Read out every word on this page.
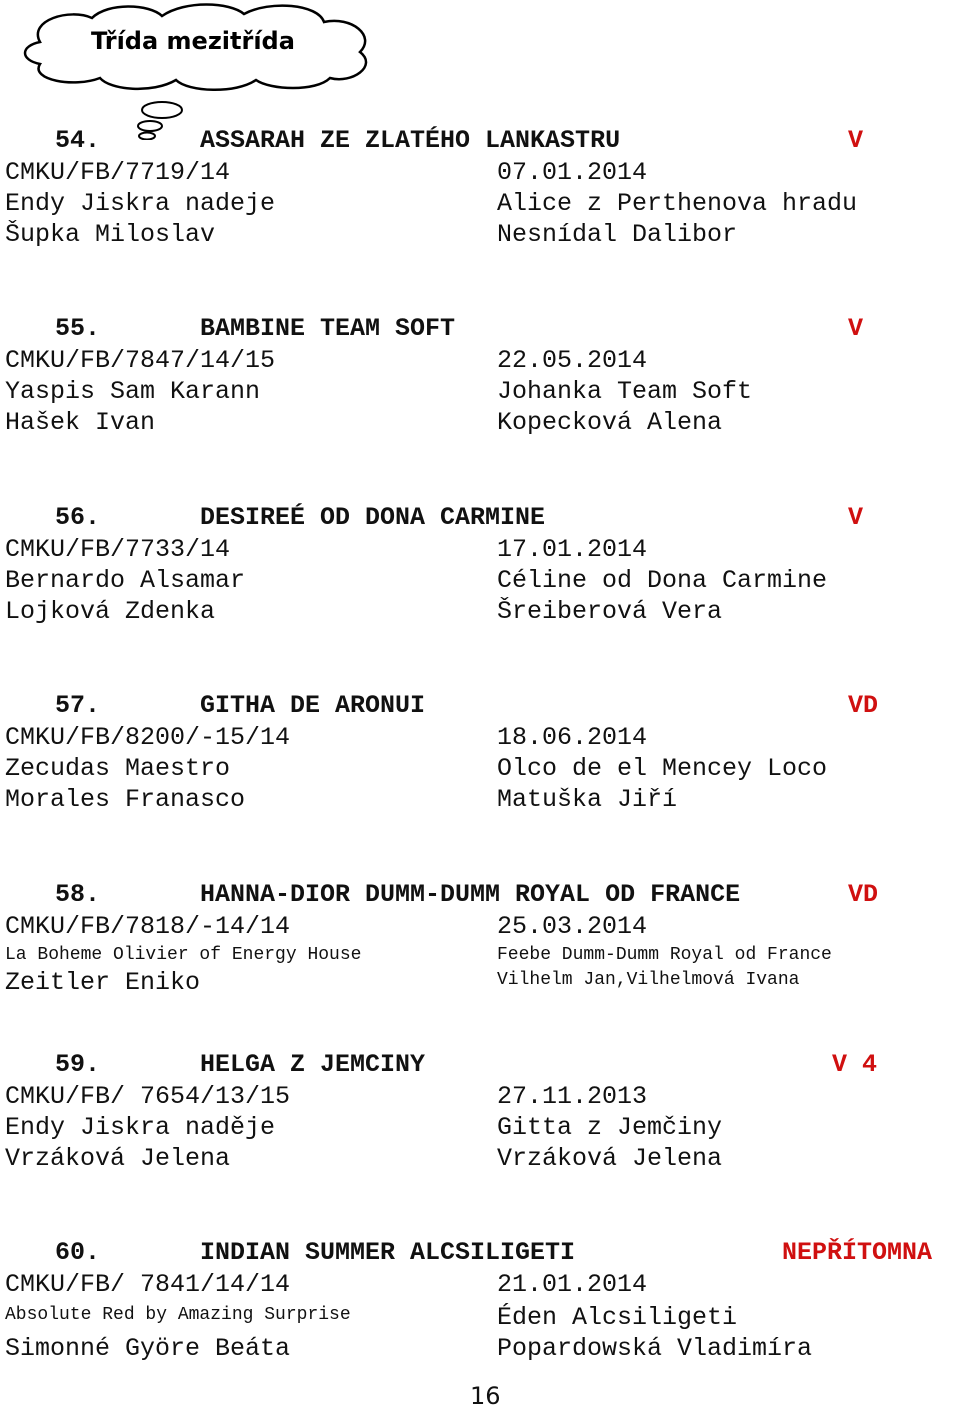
Třída mezitřída
54.	ASSARAH ZE ZLATÉHO LANKASTRU	V
CMKU/FB/7719/14	07.01.2014
Endy Jiskra nadeje	Alice z Perthenova hradu
Šupka Miloslav	Nesnídal Dalibor
55.	BAMBINE TEAM SOFT	V
CMKU/FB/7847/14/15	22.05.2014
Yaspis Sam Karann	Johanka Team Soft
Hašek Ivan	Kopecková Alena
56.	DESIREÉ OD DONA CARMINE	V
CMKU/FB/7733/14	17.01.2014
Bernardo Alsamar	Céline od Dona Carmine
Lojková Zdenka	Šreiberová Vera
57.	GITHA DE ARONUI	VD
CMKU/FB/8200/-15/14	18.06.2014
Zecudas Maestro	Olco de el Mencey Loco
Morales Franasco	Matuška Jiří
58.	HANNA-DIOR DUMM-DUMM ROYAL OD FRANCE	VD
CMKU/FB/7818/-14/14	25.03.2014
La Boheme Olivier of Energy House	Feebe Dumm-Dumm Royal od France
Zeitler Eniko	Vilhelm Jan,Vilhelmová Ivana
59.	HELGA Z JEMCINY	V 4
CMKU/FB/ 7654/13/15	27.11.2013
Endy Jiskra naděje	Gitta z Jemčiny
Vrzáková Jelena	Vrzáková Jelena
60.	INDIAN SUMMER ALCSILIGETI	NEPŘÍTOMNA
CMKU/FB/ 7841/14/14	21.01.2014
Absolute Red by Amazing Surprise	Éden Alcsiligeti
Simonné Györe Beáta	Popardowská Vladimíra
16
